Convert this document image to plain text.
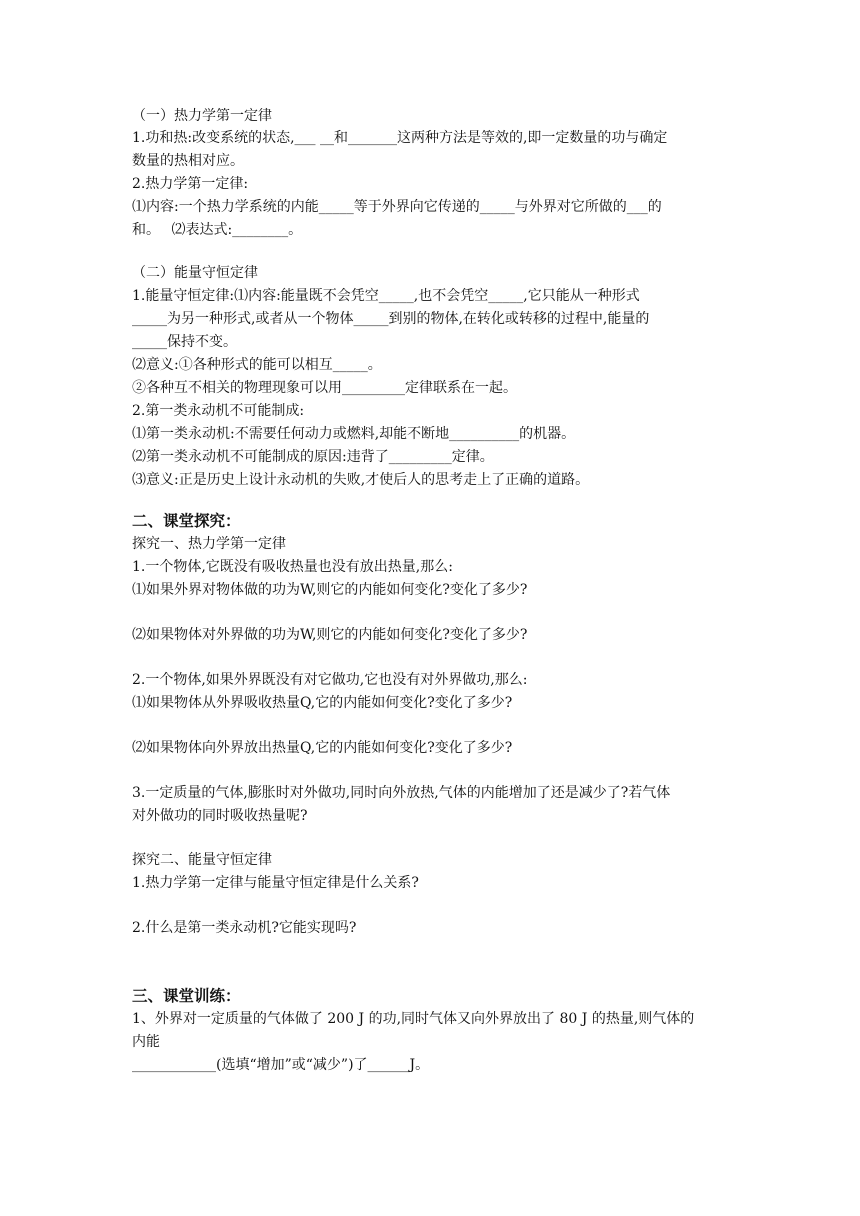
（一）热力学第一定律
1.功和热:改变系统的状态,___ __和_______这两种方法是等效的,即一定数量的功与确定
数量的热相对应。
2.热力学第一定律:
⑴内容:一个热力学系统的内能_____等于外界向它传递的_____与外界对它所做的___的
和。　 ⑵表达式:________。
（二）能量守恒定律
1.能量守恒定律:⑴内容:能量既不会凭空_____,也不会凭空_____,它只能从一种形式
_____为另一种形式,或者从一个物体_____到别的物体,在转化或转移的过程中,能量的
_____保持不变。
⑵意义:①各种形式的能可以相互_____。
②各种互不相关的物理现象可以用_________定律联系在一起。
2.第一类永动机不可能制成:
⑴第一类永动机:不需要任何动力或燃料,却能不断地__________的机器。
⑵第一类永动机不可能制成的原因:违背了_________定律。
⑶意义:正是历史上设计永动机的失败,才使后人的思考走上了正确的道路。
二、课堂探究：
探究一、热力学第一定律
1.一个物体,它既没有吸收热量也没有放出热量,那么:
⑴如果外界对物体做的功为W,则它的内能如何变化?变化了多少?
⑵如果物体对外界做的功为W,则它的内能如何变化?变化了多少?
2.一个物体,如果外界既没有对它做功,它也没有对外界做功,那么:
⑴如果物体从外界吸收热量Q,它的内能如何变化?变化了多少?
⑵如果物体向外界放出热量Q,它的内能如何变化?变化了多少?
3.一定质量的气体,膨胀时对外做功,同时向外放热,气体的内能增加了还是减少了?若气体
对外做功的同时吸收热量呢?
探究二、能量守恒定律
1.热力学第一定律与能量守恒定律是什么关系?
2.什么是第一类永动机?它能实现吗?
三、课堂训练：
1、外界对一定质量的气体做了 200 J 的功,同时气体又向外界放出了 80 J 的热量,则气体的
内能
____________(选填“增加”或“减少”)了______J。
